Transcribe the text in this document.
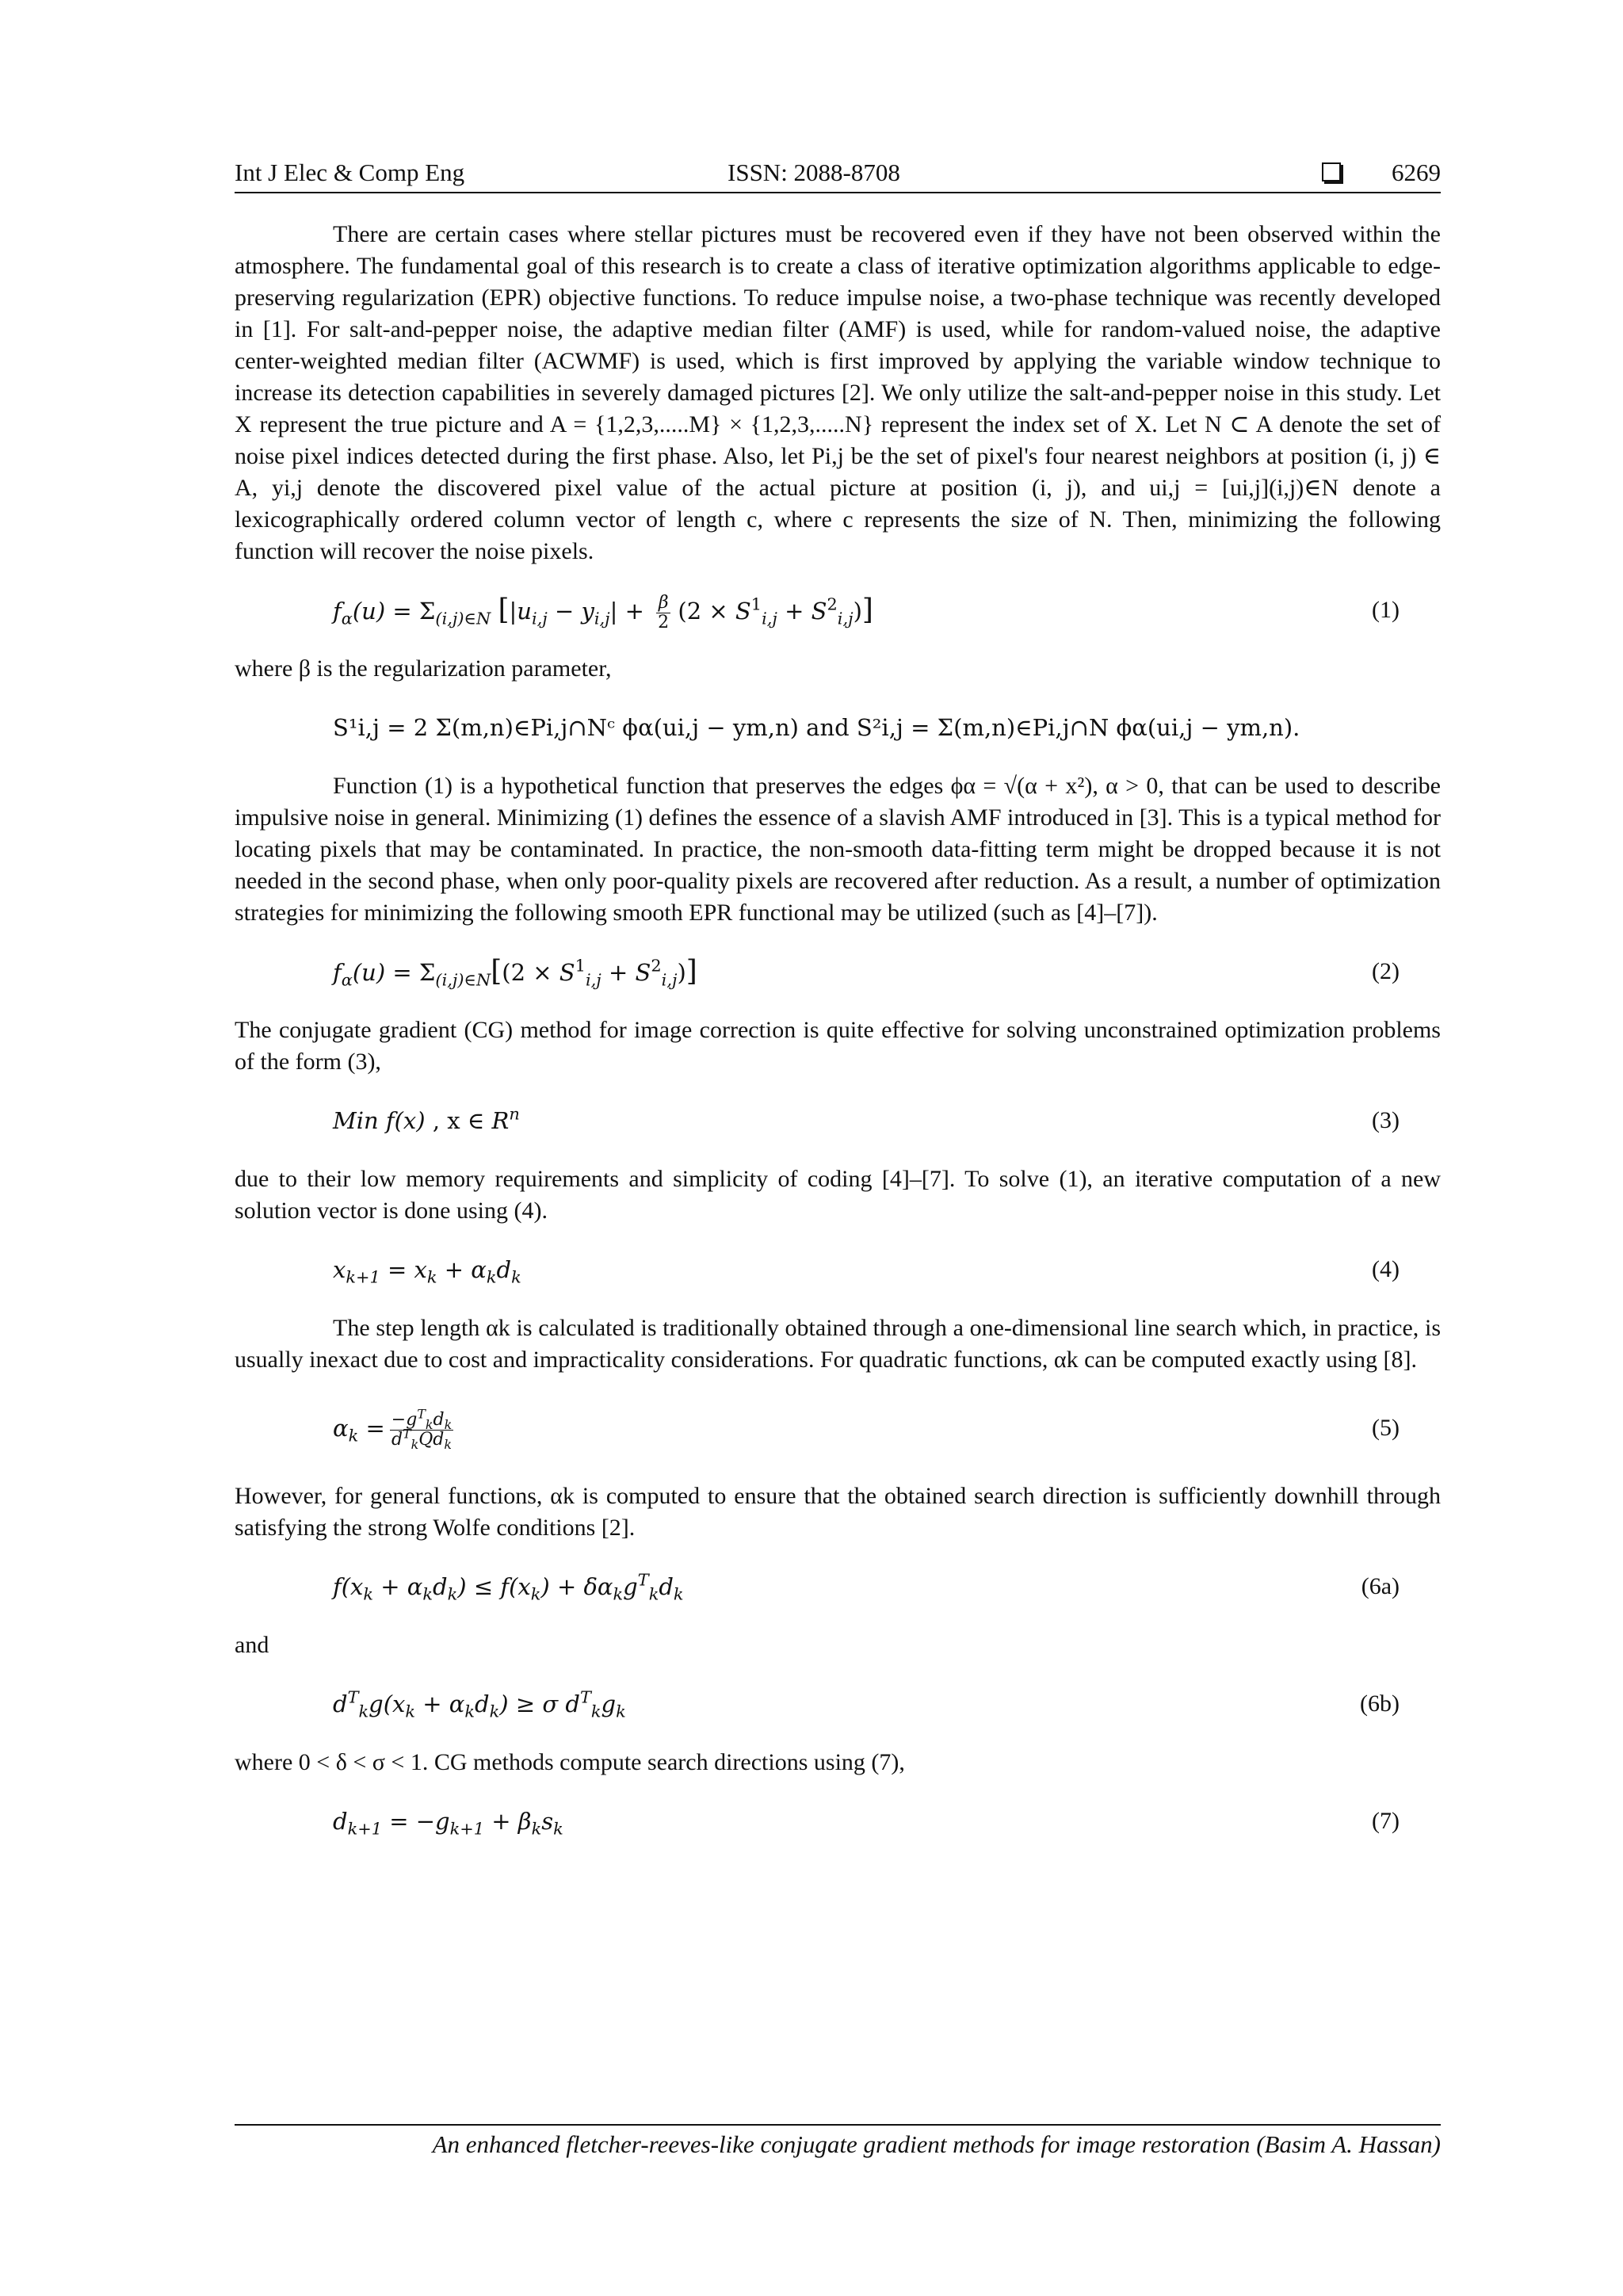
Int J Elec & Comp Eng	ISSN: 2088-8708	6269

There are certain cases where stellar pictures must be recovered even if they have not been observed within the atmosphere. The fundamental goal of this research is to create a class of iterative optimization algorithms applicable to edge-preserving regularization (EPR) objective functions. To reduce impulse noise, a two-phase technique was recently developed in [1]. For salt-and-pepper noise, the adaptive median filter (AMF) is used, while for random-valued noise, the adaptive center-weighted median filter (ACWMF) is used, which is first improved by applying the variable window technique to increase its detection capabilities in severely damaged pictures [2]. We only utilize the salt-and-pepper noise in this study. Let X represent the true picture and A = {1,2,3,.....M} × {1,2,3,.....N} represent the index set of X. Let N ⊂ A denote the set of noise pixel indices detected during the first phase. Also, let Pi,j be the set of pixel's four nearest neighbors at position (i, j) ∈ A, yi,j denote the discovered pixel value of the actual picture at position (i, j), and ui,j = [ui,j](i,j)∈N denote a lexicographically ordered column vector of length c, where c represents the size of N. Then, minimizing the following function will recover the noise pixels.

$f_\alpha(u) = \Sigma_{(i,j)\in N}$ $[|u_{i,j} - y_{i,j}| + \frac{\beta}{2} (2 \times S^1_{i,j} + S^2_{i,j})]$	(1)

where β is the regularization parameter,

S¹i,j = 2 Σ(m,n)∈Pi,j∩Nᶜ ϕα(ui,j − ym,n) and S²i,j = Σ(m,n)∈Pi,j∩N ϕα(ui,j − ym,n).

Function (1) is a hypothetical function that preserves the edges ϕα = √(α + x²), α > 0, that can be used to describe impulsive noise in general. Minimizing (1) defines the essence of a slavish AMF introduced in [3]. This is a typical method for locating pixels that may be contaminated. In practice, the non-smooth data-fitting term might be dropped because it is not needed in the second phase, when only poor-quality pixels are recovered after reduction. As a result, a number of optimization strategies for minimizing the following smooth EPR functional may be utilized (such as [4]–[7]).

$f_\alpha(u) = \Sigma_{(i,j)\in N}[(2 \times S^1_{i,j} + S^2_{i,j})]$	(2)

The conjugate gradient (CG) method for image correction is quite effective for solving unconstrained optimization problems of the form (3),

Min f(x) , x ∈ $R^n$	(3)

due to their low memory requirements and simplicity of coding [4]–[7]. To solve (1), an iterative computation of a new solution vector is done using (4).

$x_{k+1} = x_k + \alpha_kd_k$	(4)

The step length αk is calculated is traditionally obtained through a one-dimensional line search which, in practice, is usually inexact due to cost and impracticality considerations. For quadratic functions, αk can be computed exactly using [8].

$\alpha_k = \frac{-g^T_kd_k}{d^T_kQd_k}$	(5)

However, for general functions, αk is computed to ensure that the obtained search direction is sufficiently downhill through satisfying the strong Wolfe conditions [2].

$f(x_k + \alpha_kd_k) \le f(x_k) + \delta\alpha_kg^T_kd_k$	(6a)

and

$d^T_kg(x_k + \alpha_kd_k) \ge \sigma$ $d^T_kg_k$	(6b)

where 0 < δ < σ < 1. CG methods compute search directions using (7),

$d_{k+1} = -g_{k+1} + \beta_ks_k$	(7)
An enhanced fletcher-reeves-like conjugate gradient methods for image restoration (Basim A. Hassan)
